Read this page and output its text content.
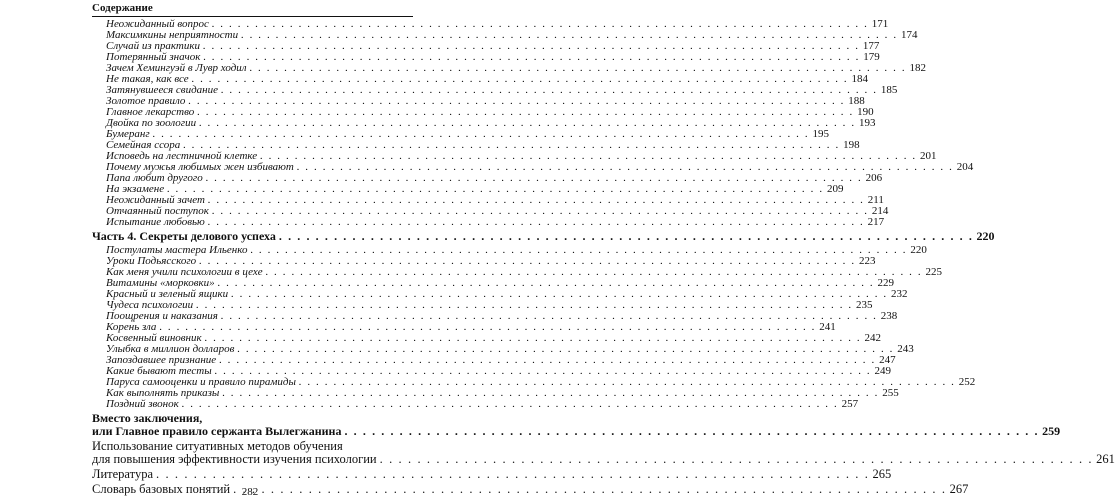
Содержание
Неожиданный вопрос . . .	171
Максимкины неприятности . . .	174
Случай из практики . . .	177
Потерянный значок . . .	179
Зачем Хемингуэй в Лувр ходил . . .	182
Не такая, как все . . .	184
Затянувшееся свидание . . .	185
Золотое правило . . .	188
Главное лекарство . . .	190
Двойка по зоологии . . .	193
Бумеранг . . .	195
Семейная ссора . . .	198
Исповедь на лестничной клетке . . .	201
Почему мужья любимых жен избивают . . .	204
Папа любит другого . . .	206
На экзамене . . .	209
Неожиданный зачет . . .	211
Отчаянный поступок . . .	214
Испытание любовью . . .	217
Часть 4. Секреты делового успеха . . .	220
Постулаты мастера Ильенко . . .	220
Уроки Подьясского . . .	223
Как меня учили психологии в цехе . . .	225
Витамины «морковки» . . .	229
Красный и зеленый ящики . . .	232
Чудеса психологии . . .	235
Поощрения и наказания . . .	238
Корень зла . . .	241
Косвенный виновник . . .	242
Улыбка в миллион долларов . . .	243
Запоздавшее признание . . .	247
Какие бывают тесты . . .	249
Паруса самооценки и правило пирамиды . . .	252
Как выполнять приказы . . .	255
Поздний звонок . . .	257
Вместо заключения,
или Главное правило сержанта Вылегжанина . . .	259
Использование ситуативных методов обучения
для повышения эффективности изучения психологии . . .	261
Литература . . .	265
Словарь базовых понятий . . .	267
282
